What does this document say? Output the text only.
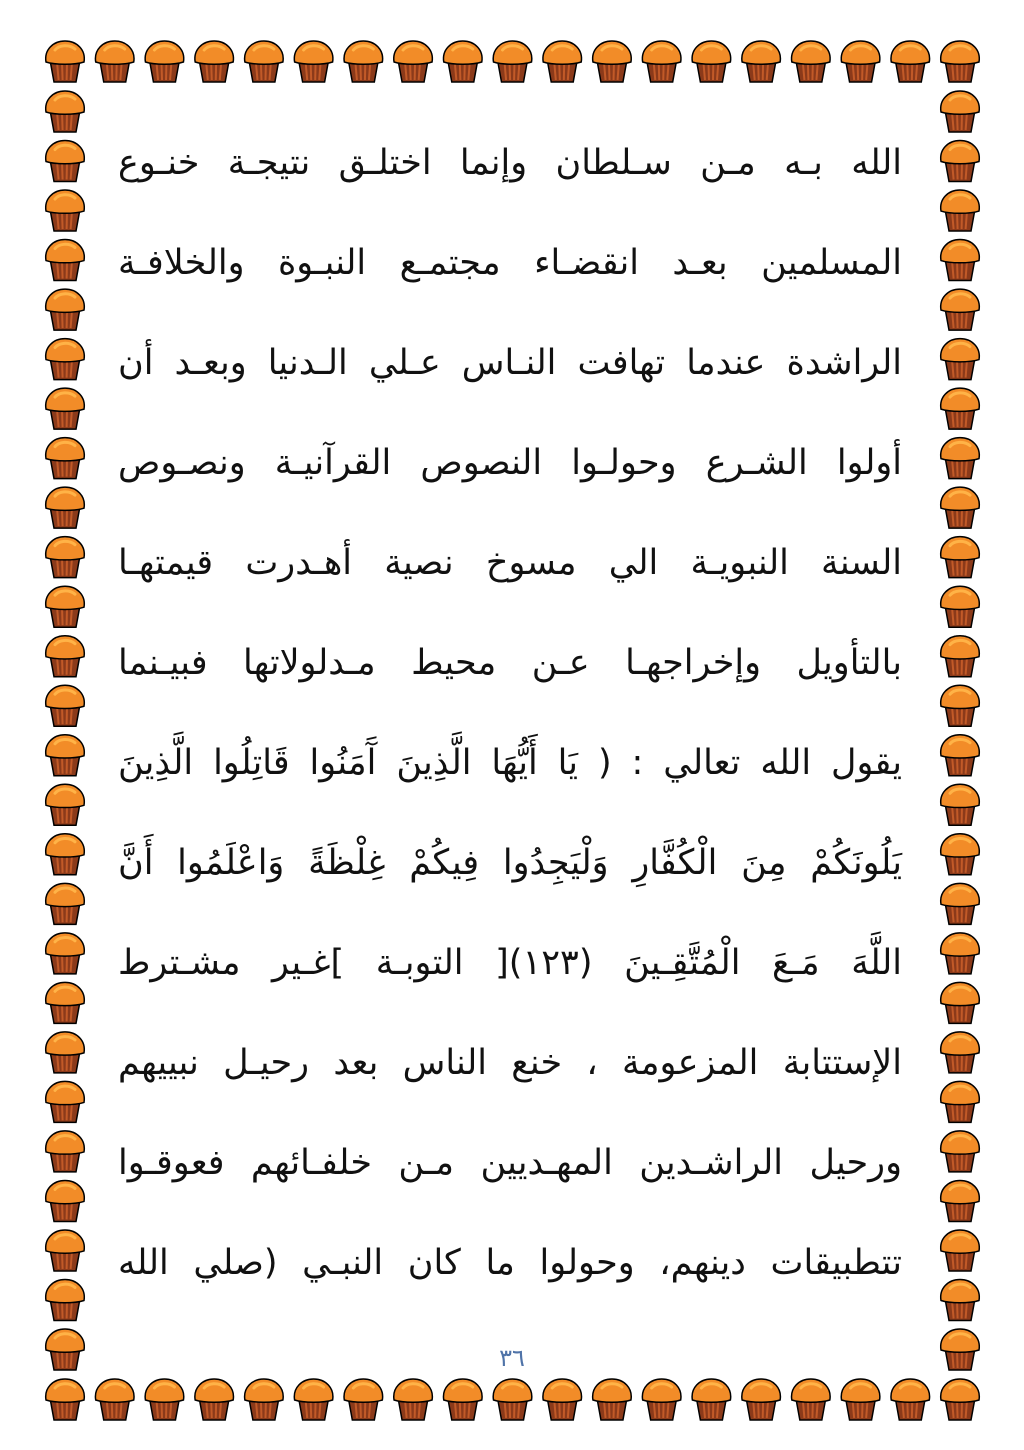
الله بـه مـن سـلطان وإنما اختلـق نتيجـة خنـوع
المسلمين بعـد انقضـاء مجتمـع النبـوة والخلافـة
الراشدة عندما تهافت النـاس عـلي الـدنيا وبعـد أن
أولوا الشـرع وحولـوا النصوص القرآنيـة ونصـوص
السنة النبويـة الي مسوخ نصية أهـدرت قيمتهـا
بالتأويل وإخراجهـا عـن محيط مـدلولاتها فبيـنما
يقول الله تعالي : ( يَا أَيُّهَا الَّذِينَ آَمَنُوا قَاتِلُوا الَّذِينَ
يَلُونَكُمْ مِنَ الْكُفَّارِ وَلْيَجِدُوا فِيكُمْ غِلْظَةً وَاعْلَمُوا أَنَّ
اللَّهَ مَـعَ الْمُتَّقِـينَ (١٢٣)[ التوبـة ]غـير مشـترط
الإستتابة المزعومة ، خنع الناس بعد رحيـل نبييهم
ورحيل الراشـدين المهـديين مـن خلفـائهم فعوقـوا
تتطبيقات دينهم، وحولوا ما كان النبـي (صلي الله
٣٦
